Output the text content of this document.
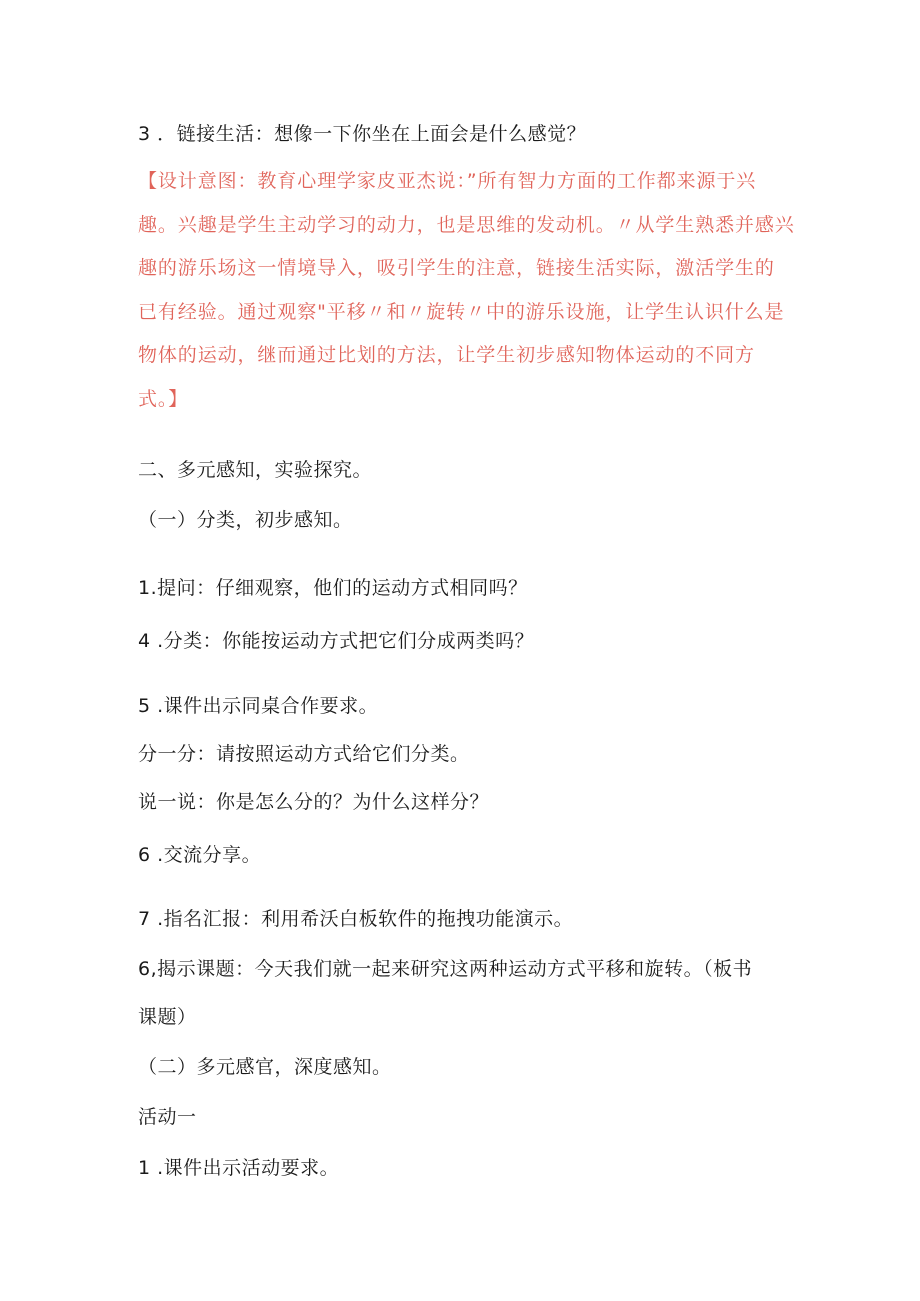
3 ．链接生活：想像一下你坐在上面会是什么感觉？
【设计意图：教育心理学家皮亚杰说：”所有智力方面的工作都来源于兴
趣。兴趣是学生主动学习的动力，也是思维的发动机。〃从学生熟悉并感兴
趣的游乐场这一情境导入，吸引学生的注意，链接生活实际，激活学生的
已有经验。通过观察"平移〃和〃旋转〃中的游乐设施，让学生认识什么是
物体的运动，继而通过比划的方法，让学生初步感知物体运动的不同方
式。】
二、多元感知，实验探究。
（一）分类，初步感知。
1.提问：仔细观察，他们的运动方式相同吗？
4 .分类：你能按运动方式把它们分成两类吗？
5 .课件出示同桌合作要求。
分一分：请按照运动方式给它们分类。
说一说：你是怎么分的？为什么这样分？
6 .交流分享。
7 .指名汇报：利用希沃白板软件的拖拽功能演示。
6,揭示课题：今天我们就一起来研究这两种运动方式平移和旋转。（板书
课题）
（二）多元感官，深度感知。
活动一
1 .课件出示活动要求。
